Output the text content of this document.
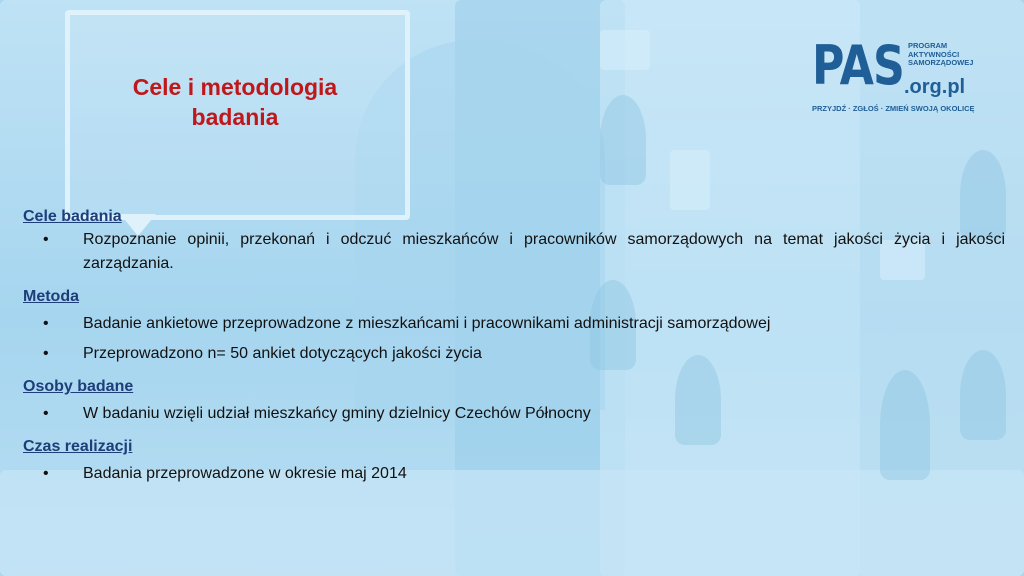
Cele i metodologia
badania
PAS PROGRAM
AKTYWNOŚCI
SAMORZĄDOWEJ
.org.pl
PRZYJDŹ · ZGŁOŚ · ZMIEŃ SWOJĄ OKOLICĘ
Cele badania
• Rozpoznanie opinii, przekonań i odczuć mieszkańców i pracowników samorządowych na temat jakości życia i jakości zarządzania.
Metoda
• Badanie ankietowe przeprowadzone z mieszkańcami i pracownikami administracji samorządowej
• Przeprowadzono n= 50 ankiet dotyczących jakości życia
Osoby badane
• W badaniu wzięli udział mieszkańcy gminy dzielnicy Czechów Północny
Czas realizacji
• Badania przeprowadzone w okresie maj 2014
